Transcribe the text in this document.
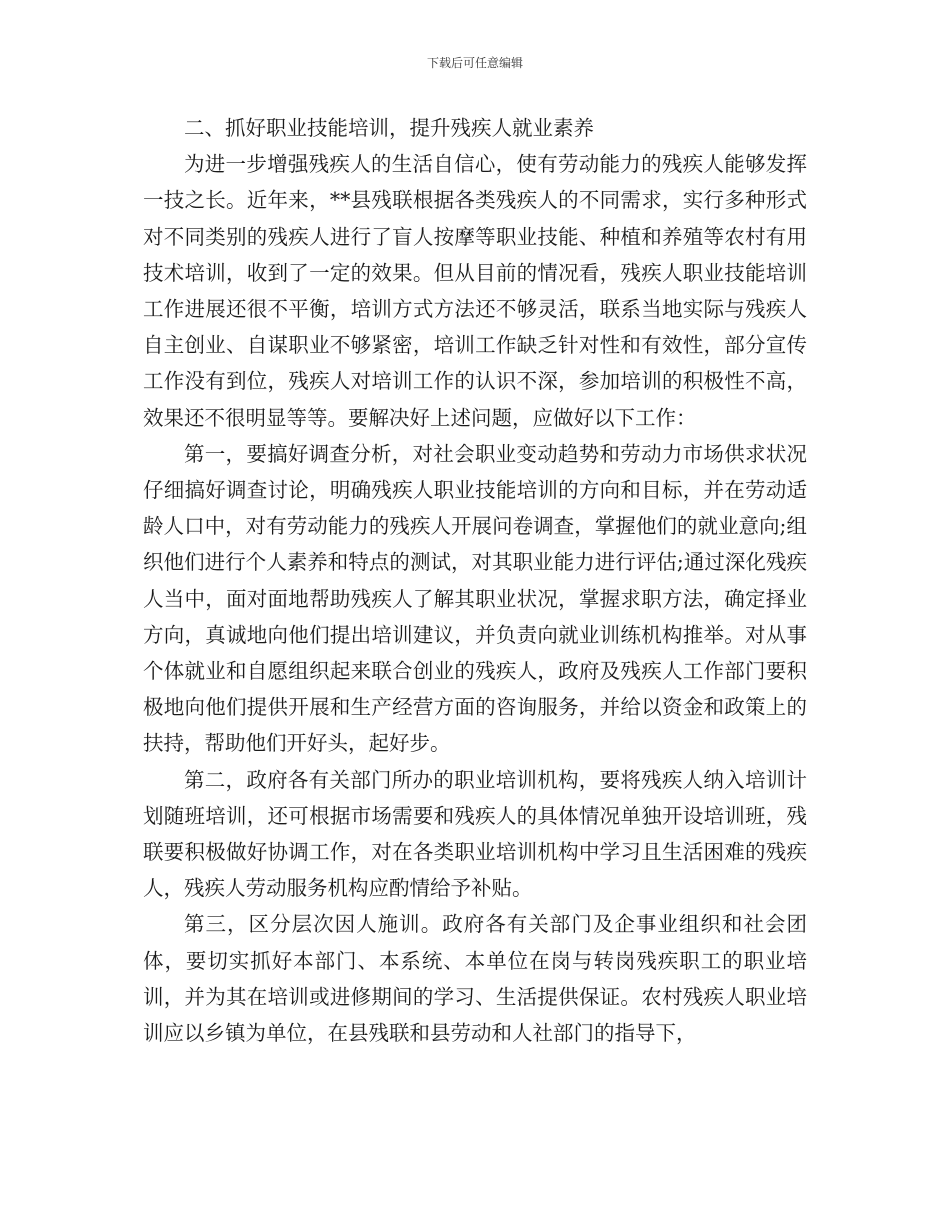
下载后可任意编辑

二、抓好职业技能培训，提升残疾人就业素养

为进一步增强残疾人的生活自信心，使有劳动能力的残疾人能够发挥一技之长。近年来，**县残联根据各类残疾人的不同需求，实行多种形式对不同类别的残疾人进行了盲人按摩等职业技能、种植和养殖等农村有用技术培训，收到了一定的效果。但从目前的情况看，残疾人职业技能培训工作进展还很不平衡，培训方式方法还不够灵活，联系当地实际与残疾人自主创业、自谋职业不够紧密，培训工作缺乏针对性和有效性，部分宣传工作没有到位，残疾人对培训工作的认识不深，参加培训的积极性不高，效果还不很明显等等。要解决好上述问题，应做好以下工作：

第一，要搞好调查分析，对社会职业变动趋势和劳动力市场供求状况仔细搞好调查讨论，明确残疾人职业技能培训的方向和目标，并在劳动适龄人口中，对有劳动能力的残疾人开展问卷调查，掌握他们的就业意向;组织他们进行个人素养和特点的测试，对其职业能力进行评估;通过深化残疾人当中，面对面地帮助残疾人了解其职业状况，掌握求职方法，确定择业方向，真诚地向他们提出培训建议，并负责向就业训练机构推举。对从事个体就业和自愿组织起来联合创业的残疾人，政府及残疾人工作部门要积极地向他们提供开展和生产经营方面的咨询服务，并给以资金和政策上的扶持，帮助他们开好头，起好步。

第二，政府各有关部门所办的职业培训机构，要将残疾人纳入培训计划随班培训，还可根据市场需要和残疾人的具体情况单独开设培训班，残联要积极做好协调工作，对在各类职业培训机构中学习且生活困难的残疾人，残疾人劳动服务机构应酌情给予补贴。

第三，区分层次因人施训。政府各有关部门及企事业组织和社会团体，要切实抓好本部门、本系统、本单位在岗与转岗残疾职工的职业培训，并为其在培训或进修期间的学习、生活提供保证。农村残疾人职业培训应以乡镇为单位，在县残联和县劳动和人社部门的指导下，
